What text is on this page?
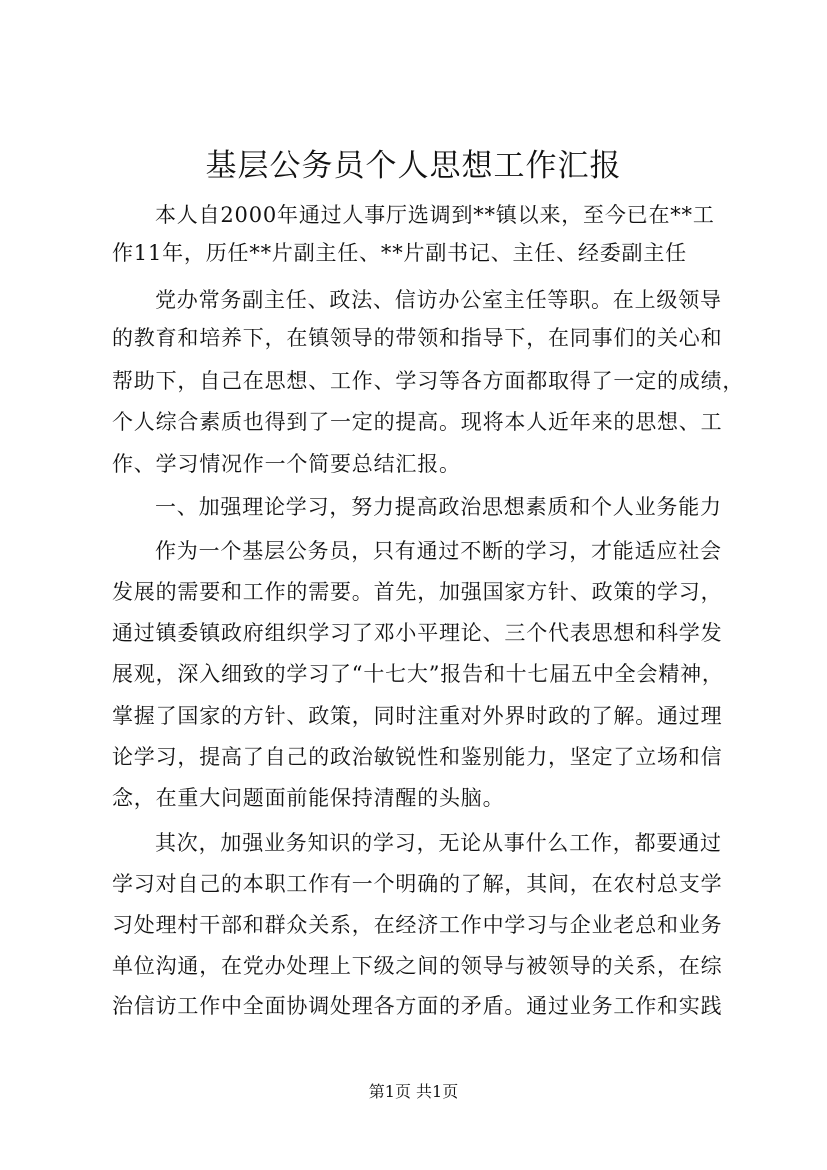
基层公务员个人思想工作汇报
本人自2000年通过人事厅选调到**镇以来，至今已在**工
作11年，历任**片副主任、**片副书记、主任、经委副主任
党办常务副主任、政法、信访办公室主任等职。在上级领导
的教育和培养下，在镇领导的带领和指导下，在同事们的关心和
帮助下，自己在思想、工作、学习等各方面都取得了一定的成绩，
个人综合素质也得到了一定的提高。现将本人近年来的思想、工
作、学习情况作一个简要总结汇报。
一、加强理论学习，努力提高政治思想素质和个人业务能力
作为一个基层公务员，只有通过不断的学习，才能适应社会
发展的需要和工作的需要。首先，加强国家方针、政策的学习，
通过镇委镇政府组织学习了邓小平理论、三个代表思想和科学发
展观，深入细致的学习了“十七大”报告和十七届五中全会精神，
掌握了国家的方针、政策，同时注重对外界时政的了解。通过理
论学习，提高了自己的政治敏锐性和鉴别能力，坚定了立场和信
念，在重大问题面前能保持清醒的头脑。
其次，加强业务知识的学习，无论从事什么工作，都要通过
学习对自己的本职工作有一个明确的了解，其间，在农村总支学
习处理村干部和群众关系，在经济工作中学习与企业老总和业务
单位沟通，在党办处理上下级之间的领导与被领导的关系，在综
治信访工作中全面协调处理各方面的矛盾。通过业务工作和实践
第1页 共1页
